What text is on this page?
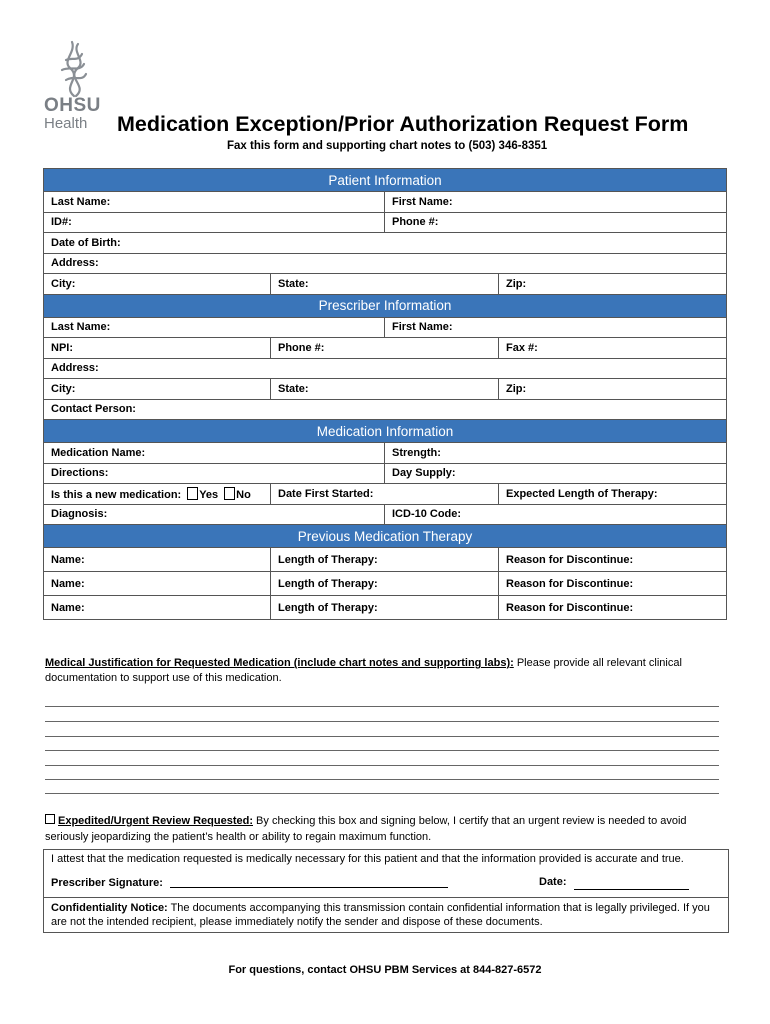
OHSU
Health Medication Exception/Prior Authorization Request Form
Fax this form and supporting chart notes to (503) 346-8351
Patient Information			
Last Name:		First Name:	
ID#:		Phone #:	
Date of Birth:			
Address:			
City:	State:		Zip:
Prescriber Information			
Last Name:		First Name:	
NPI:	Phone #:		Fax #:
Address:			
City:	State:		Zip:
Contact Person:			
Medication Information			
Medication Name:		Strength:	
Directions:		Day Supply:	
Is this a new medication: Yes No	Date First Started:		Expected Length of Therapy:
Diagnosis:		ICD-10 Code:	
Previous Medication Therapy			
Name:	Length of Therapy:		Reason for Discontinue:
Name:	Length of Therapy:		Reason for Discontinue:
Name:	Length of Therapy:		Reason for Discontinue:
Medical Justification for Requested Medication (include chart notes and supporting labs): Please provide all relevant clinical documentation to support use of this medication.
Expedited/Urgent Review Requested: By checking this box and signing below, I certify that an urgent review is needed to avoid seriously jeopardizing the patient’s health or ability to regain maximum function.
I attest that the medication requested is medically necessary for this patient and that the information provided is accurate and true.
Prescriber Signature:	Date:

Confidentiality Notice: The documents accompanying this transmission contain confidential information that is legally privileged. If you are not the intended recipient, please immediately notify the sender and dispose of these documents.
For questions, contact OHSU PBM Services at 844-827-6572
